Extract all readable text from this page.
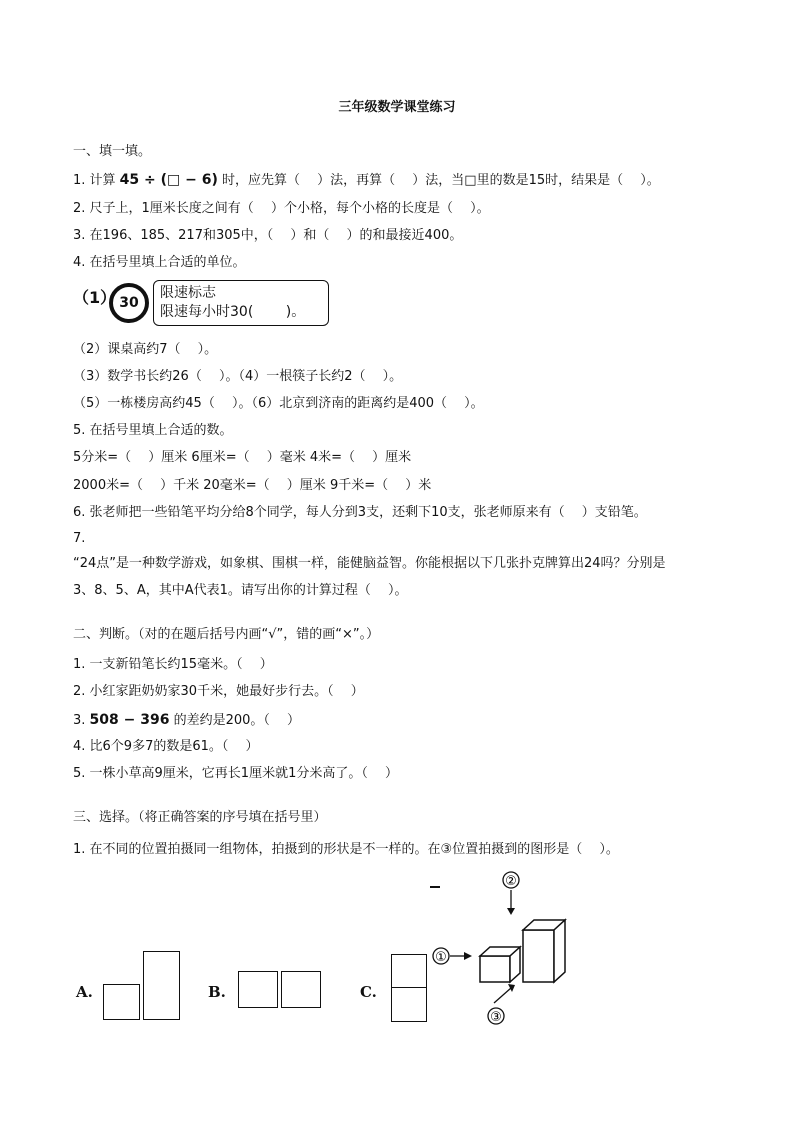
三年级数学课堂练习
一、填一填。
1. 计算 45 ÷ (□ − 6) 时，应先算（　 ）法，再算（　 ）法，当□里的数是15时，结果是（　 ）。
2. 尺子上，1厘米长度之间有（　 ）个小格，每个小格的长度是（　 ）。
3. 在196、185、217和305中，（　 ）和（　 ）的和最接近400。
4. 在括号里填上合适的单位。
（1） 30
限速标志
限速每小时30(　　 )。
（2）课桌高约7（　 ）。
（3）数学书长约26（　 ）。（4）一根筷子长约2（　 ）。
（5）一栋楼房高约45（　 ）。（6）北京到济南的距离约是400（　 ）。
5. 在括号里填上合适的数。
5分米=（　 ）厘米 6厘米=（　 ）毫米 4米=（　 ）厘米
2000米=（　 ）千米 20毫米=（　 ）厘米 9千米=（　 ）米
6. 张老师把一些铅笔平均分给8个同学，每人分到3支，还剩下10支，张老师原来有（　 ）支铅笔。
7.
“24点”是一种数学游戏，如象棋、围棋一样，能健脑益智。你能根据以下几张扑克牌算出24吗？分别是
3、8、5、A，其中A代表1。请写出你的计算过程（　 ）。
二、判断。（对的在题后括号内画“√”，错的画“×”。）
1. 一支新铅笔长约15毫米。（　 ）
2. 小红家距奶奶家30千米，她最好步行去。（　 ）
3. 508 − 396 的差约是200。（　 ）
4. 比6个9多7的数是61。（　 ）
5. 一株小草高9厘米，它再长1厘米就1分米高了。（　 ）
三、选择。（将正确答案的序号填在括号里）
1. 在不同的位置拍摄同一组物体，拍摄到的形状是不一样的。在③位置拍摄到的图形是（　 ）。
A.	B.	C.
②
①
③
